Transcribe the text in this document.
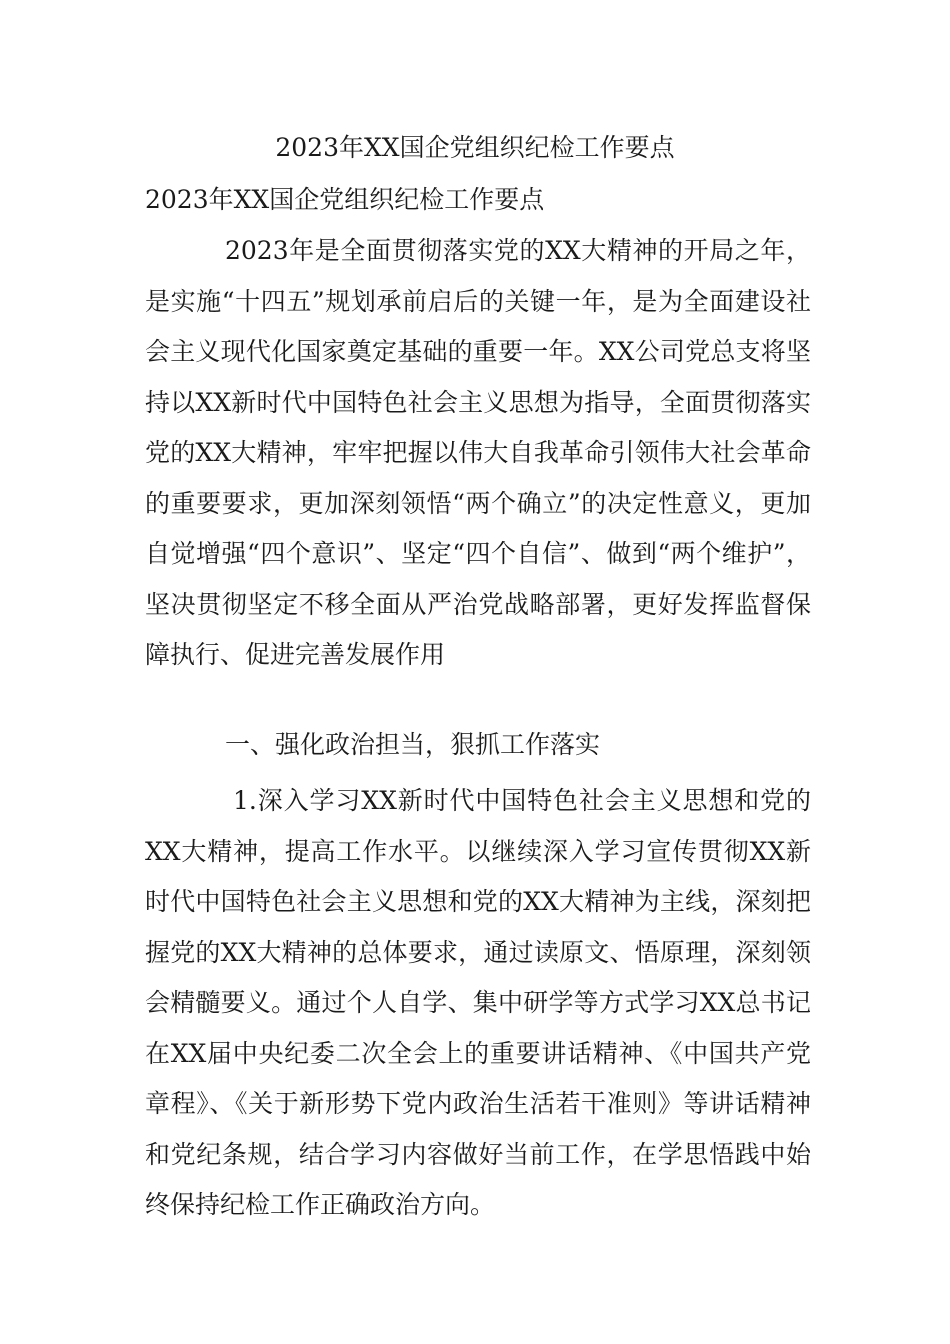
2023年XX国企党组织纪检工作要点
2023年XX国企党组织纪检工作要点

2023年是全面贯彻落实党的XX大精神的开局之年，是实施“十四五”规划承前启后的关键一年，是为全面建设社会主义现代化国家奠定基础的重要一年。XX公司党总支将坚持以XX新时代中国特色社会主义思想为指导，全面贯彻落实党的XX大精神，牢牢把握以伟大自我革命引领伟大社会革命的重要要求，更加深刻领悟“两个确立”的决定性意义，更加自觉增强“四个意识”、坚定“四个自信”、做到“两个维护”，坚决贯彻坚定不移全面从严治党战略部署，更好发挥监督保障执行、促进完善发展作用

一、强化政治担当，狠抓工作落实

1.深入学习XX新时代中国特色社会主义思想和党的XX大精神，提高工作水平。以继续深入学习宣传贯彻XX新时代中国特色社会主义思想和党的XX大精神为主线，深刻把握党的XX大精神的总体要求，通过读原文、悟原理，深刻领会精髓要义。通过个人自学、集中研学等方式学习XX总书记在XX届中央纪委二次全会上的重要讲话精神、《中国共产党章程》、《关于新形势下党内政治生活若干准则》等讲话精神和党纪条规，结合学习内容做好当前工作，在学思悟践中始终保持纪检工作正确政治方向。
